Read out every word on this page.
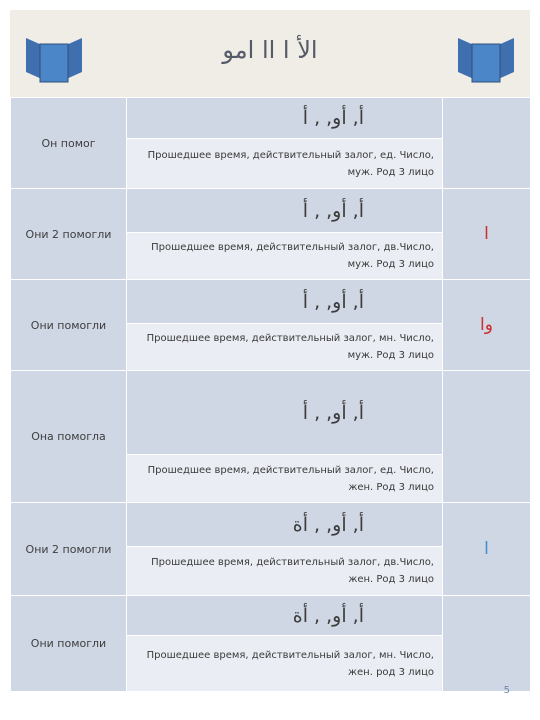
الأ ا اا امو
Он помог	أ, أو, , أ	
	Прошедшее время, действительный залог, ед. Число, муж. Род 3 лицо	
Они 2 помогли	أ, أو, , أ	ا
	Прошедшее время, действительный залог, дв.Число, муж. Род 3 лицо	
Они помогли	أ, أو, , أ	وا
	Прошедшее время, действительный залог, мн. Число, муж. Род 3 лицо	
Она помогла	أ, أو, , أ	
	Прошедшее время, действительный залог, ед. Число, жен. Род 3 лицо	
Они 2 помогли	أ, أو, , أة	ا
	Прошедшее время, действительный залог, дв.Число, жен. Род 3 лицо	
Они помогли	أ, أو, , أة	
	Прошедшее время, действительный залог, мн. Число, жен. род 3 лицо	
5
